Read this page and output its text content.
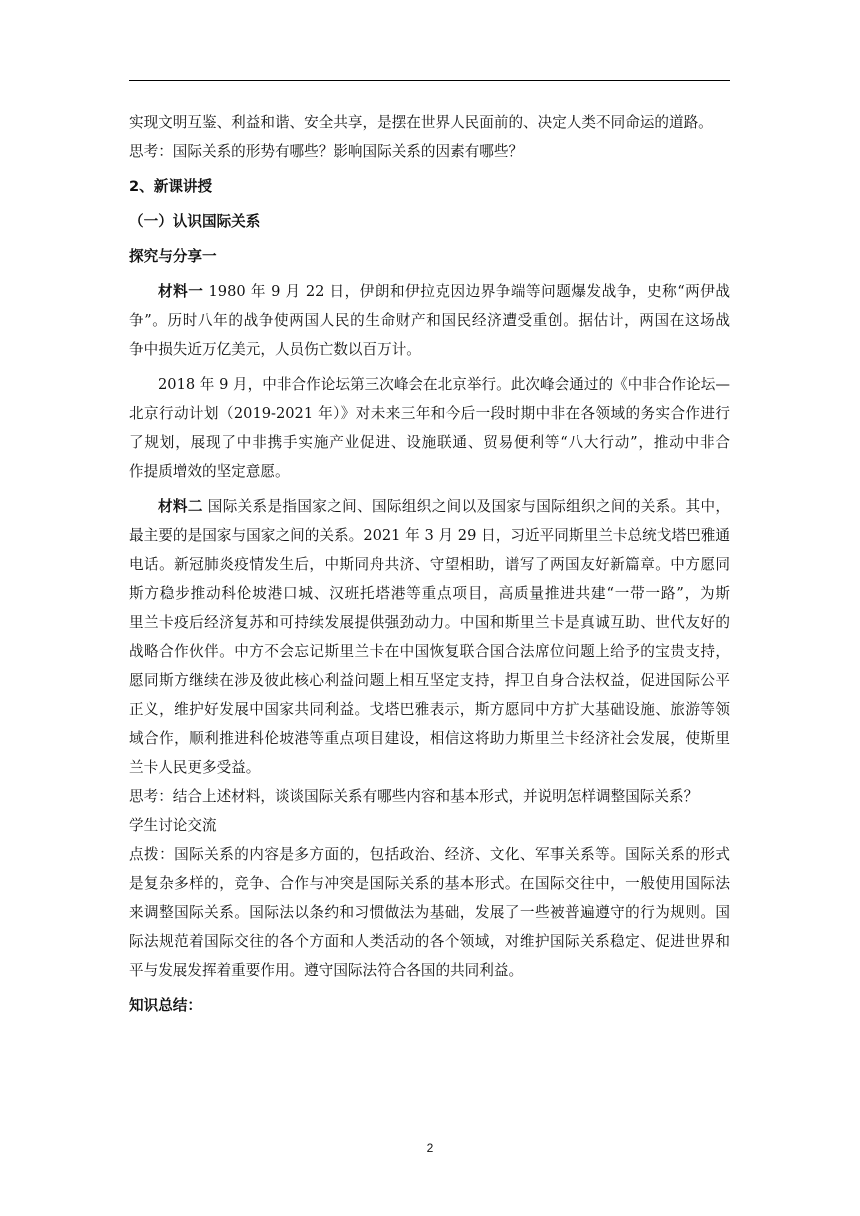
实现文明互鉴、利益和谐、安全共享，是摆在世界人民面前的、决定人类不同命运的道路。
思考：国际关系的形势有哪些？影响国际关系的因素有哪些？
2、新课讲授
（一）认识国际关系
探究与分享一
材料一 1980 年 9 月 22 日，伊朗和伊拉克因边界争端等问题爆发战争，史称“两伊战
争”。历时八年的战争使两国人民的生命财产和国民经济遭受重创。据估计，两国在这场战
争中损失近万亿美元，人员伤亡数以百万计。
2018 年 9 月，中非合作论坛第三次峰会在北京举行。此次峰会通过的《中非合作论坛—
北京行动计划（2019-2021 年）》对未来三年和今后一段时期中非在各领域的务实合作进行
了规划，展现了中非携手实施产业促进、设施联通、贸易便利等“八大行动”，推动中非合
作提质增效的坚定意愿。
材料二 国际关系是指国家之间、国际组织之间以及国家与国际组织之间的关系。其中，
最主要的是国家与国家之间的关系。2021 年 3 月 29 日，习近平同斯里兰卡总统戈塔巴雅通
电话。新冠肺炎疫情发生后，中斯同舟共济、守望相助，谱写了两国友好新篇章。中方愿同
斯方稳步推动科伦坡港口城、汉班托塔港等重点项目，高质量推进共建“一带一路”，为斯
里兰卡疫后经济复苏和可持续发展提供强劲动力。中国和斯里兰卡是真诚互助、世代友好的
战略合作伙伴。中方不会忘记斯里兰卡在中国恢复联合国合法席位问题上给予的宝贵支持，
愿同斯方继续在涉及彼此核心利益问题上相互坚定支持，捍卫自身合法权益，促进国际公平
正义，维护好发展中国家共同利益。戈塔巴雅表示，斯方愿同中方扩大基础设施、旅游等领
域合作，顺利推进科伦坡港等重点项目建设，相信这将助力斯里兰卡经济社会发展，使斯里
兰卡人民更多受益。
思考：结合上述材料，谈谈国际关系有哪些内容和基本形式，并说明怎样调整国际关系？
学生讨论交流
点拨：国际关系的内容是多方面的，包括政治、经济、文化、军事关系等。国际关系的形式
是复杂多样的，竞争、合作与冲突是国际关系的基本形式。在国际交往中，一般使用国际法
来调整国际关系。国际法以条约和习惯做法为基础，发展了一些被普遍遵守的行为规则。国
际法规范着国际交往的各个方面和人类活动的各个领域，对维护国际关系稳定、促进世界和
平与发展发挥着重要作用。遵守国际法符合各国的共同利益。
知识总结：
2
